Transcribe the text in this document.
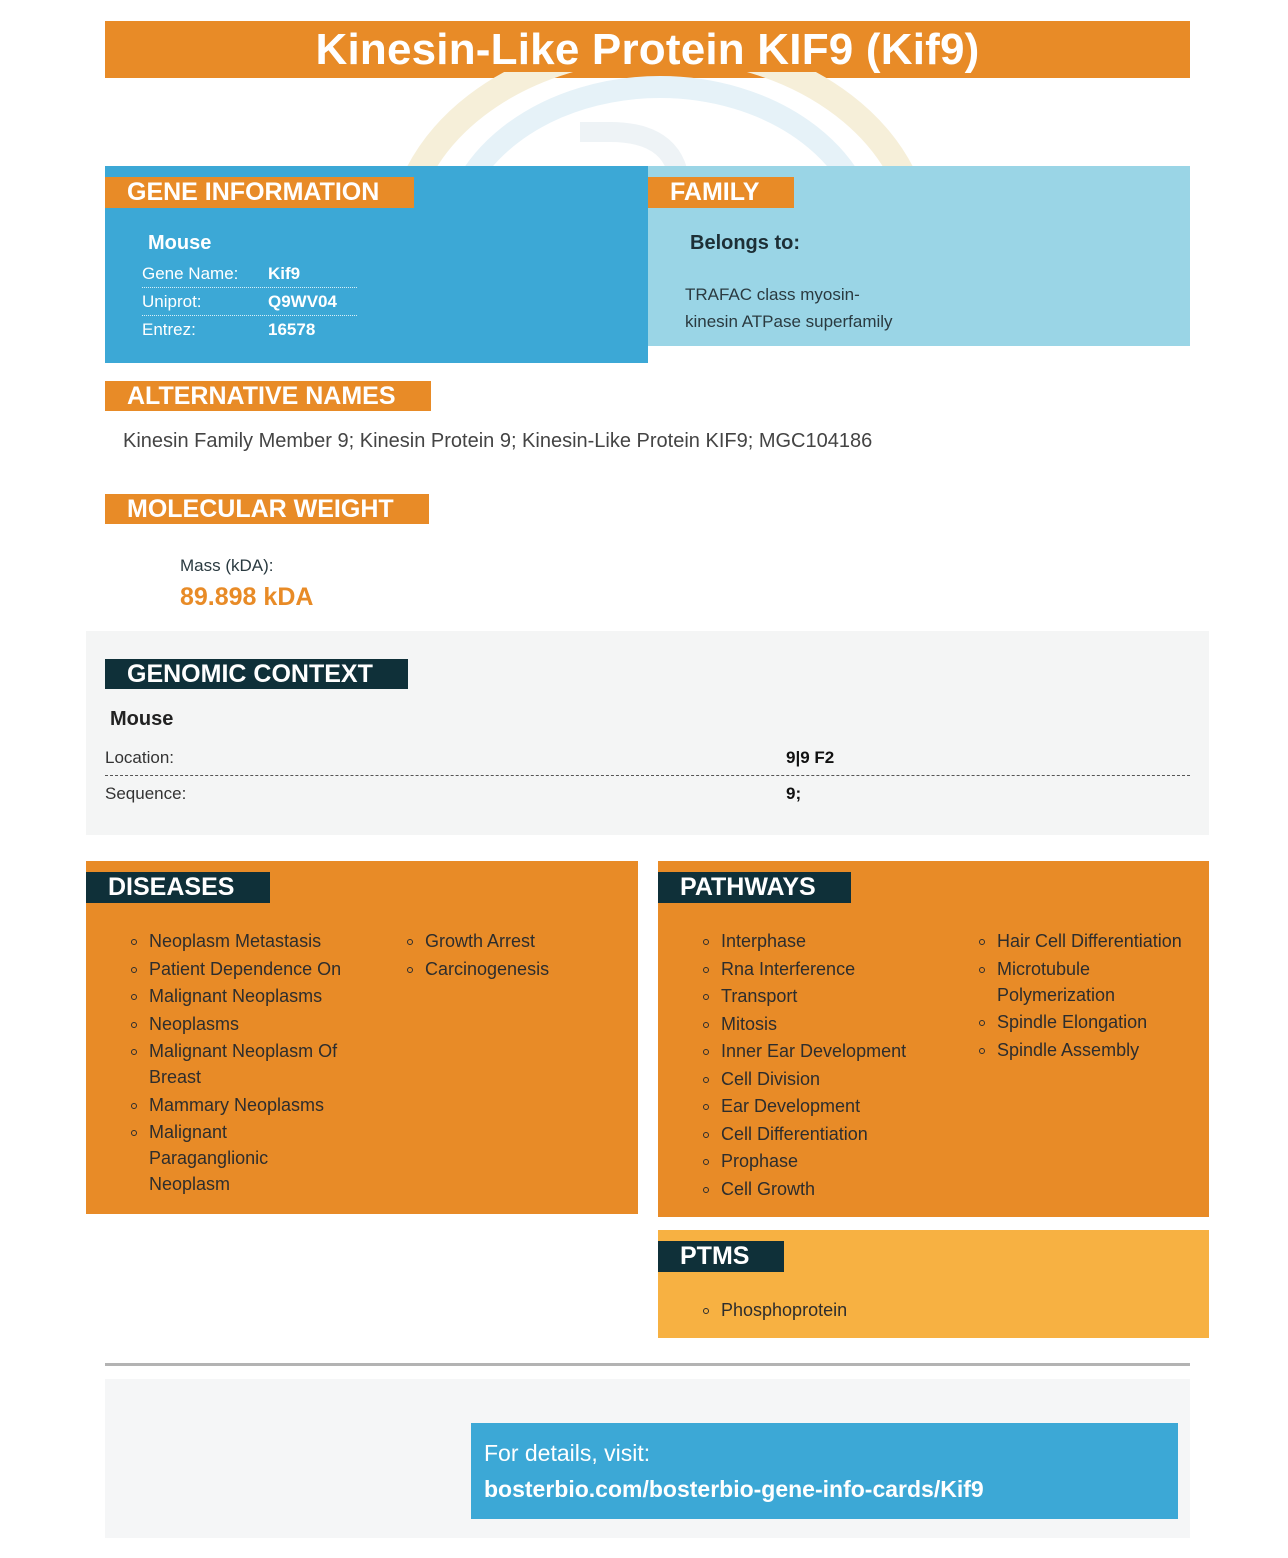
Kinesin-Like Protein KIF9 (Kif9)
GENE INFORMATION
Mouse
Gene Name:	Kif9
Uniprot:	Q9WV04
Entrez:	16578
FAMILY
Belongs to:
TRAFAC class myosin-
kinesin ATPase superfamily
ALTERNATIVE NAMES
Kinesin Family Member 9; Kinesin Protein 9; Kinesin-Like Protein KIF9; MGC104186
MOLECULAR WEIGHT
Mass (kDA):
89.898 kDA
GENOMIC CONTEXT
Mouse
Location:	9|9 F2
Sequence:	9;
DISEASES
Neoplasm Metastasis
Patient Dependence On
Malignant Neoplasms
Neoplasms
Malignant Neoplasm Of Breast
Mammary Neoplasms
Malignant Paraganglionic Neoplasm
Growth Arrest
Carcinogenesis
PATHWAYS
Interphase
Rna Interference
Transport
Mitosis
Inner Ear Development
Cell Division
Ear Development
Cell Differentiation
Prophase
Cell Growth
Hair Cell Differentiation
Microtubule Polymerization
Spindle Elongation
Spindle Assembly
PTMS
Phosphoprotein
For details, visit:
bosterbio.com/bosterbio-gene-info-cards/Kif9
